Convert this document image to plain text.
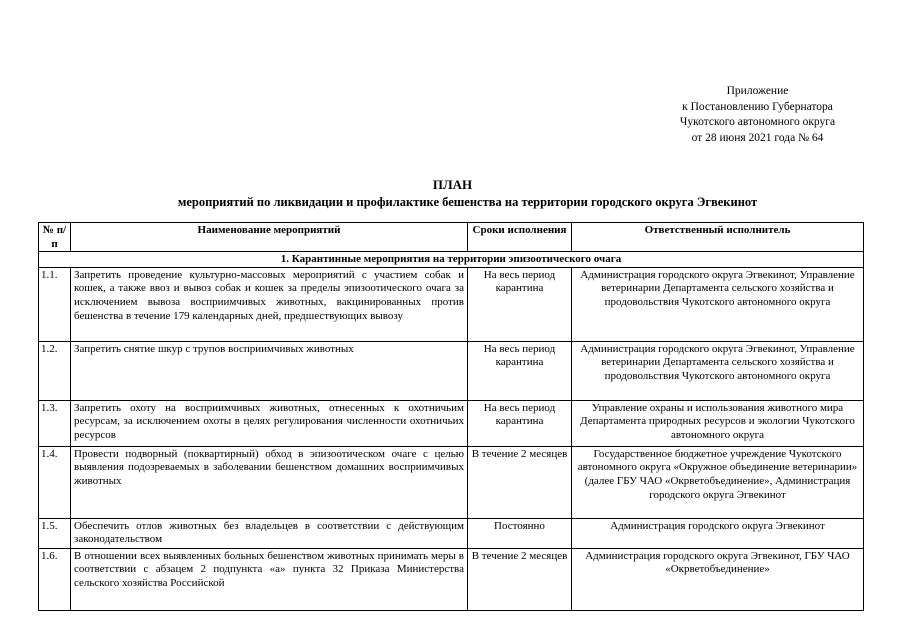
Приложение
к Постановлению Губернатора
Чукотского автономного округа
от 28 июня 2021 года № 64
ПЛАН
мероприятий по ликвидации и профилактике бешенства на территории городского округа Эгвекинот
№ п/п	Наименование мероприятий	Сроки исполнения	Ответственный исполнитель
1. Карантинные мероприятия на территории эпизоотического очага			
1.1.	Запретить проведение культурно-массовых мероприятий с участием собак и кошек, а также ввоз и вывоз собак и кошек за пределы эпизоотического очага за исключением вывоза восприимчивых животных, вакцинированных против бешенства в течение 179 календарных дней, предшествующих вывозу	На весь период карантина	Администрация городского округа Эгвекинот, Управление ветеринарии Департамента сельского хозяйства и продовольствия Чукотского автономного округа
1.2.	Запретить снятие шкур с трупов восприимчивых животных	На весь период карантина	Администрация городского округа Эгвекинот, Управление ветеринарии Департамента сельского хозяйства и продовольствия Чукотского автономного округа
1.3.	Запретить охоту на восприимчивых животных, отнесенных к охотничьим ресурсам, за исключением охоты в целях регулирования численности охотничьих ресурсов	На весь период карантина	Управление охраны и использования животного мира Департамента природных ресурсов и экологии Чукотского автономного округа
1.4.	Провести подворный (поквартирный) обход в эпизоотическом очаге с целью выявления подозреваемых в заболевании бешенством домашних восприимчивых животных	В течение 2 месяцев	Государственное бюджетное учреждение Чукотского автономного округа «Окружное объединение ветеринарии» (далее ГБУ ЧАО «Окрветобъединение», Администрация городского округа Эгвекинот
1.5.	Обеспечить отлов животных без владельцев в соответствии с действующим законодательством	Постоянно	Администрация городского округа Эгвекинот
1.6.	В отношении всех выявленных больных бешенством животных принимать меры в соответствии с абзацем 2 подпункта «а» пункта 32 Приказа Министерства сельского хозяйства Российской	В течение 2 месяцев	Администрация городского округа Эгвекинот, ГБУ ЧАО «Окрветобъединение»
